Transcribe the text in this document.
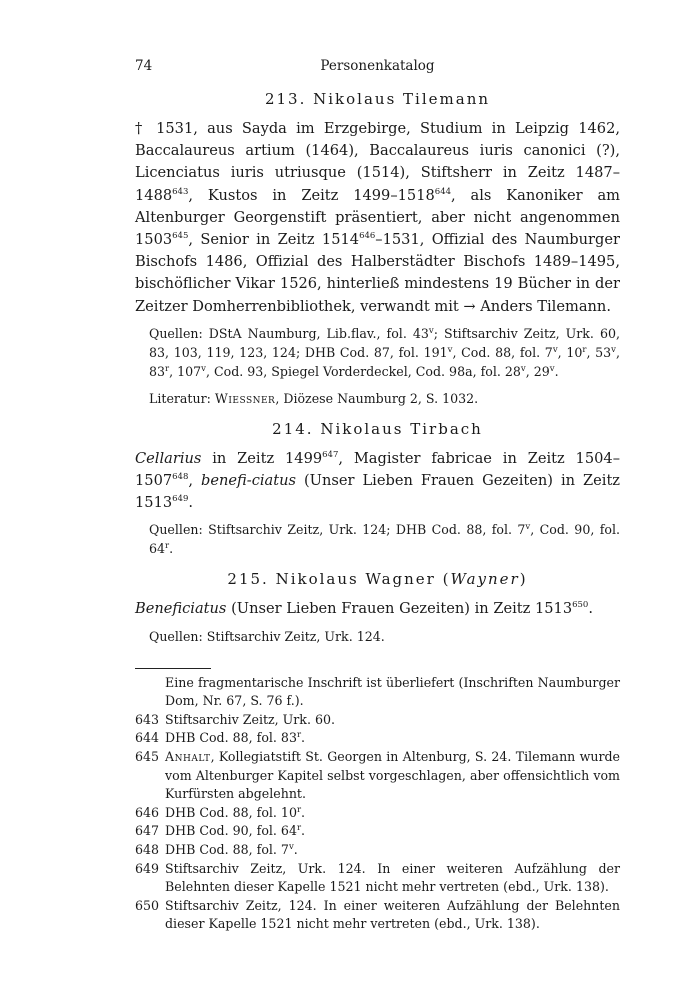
74	Personenkatalog
213. Nikolaus Tilemann

† 1531, aus Sayda im Erzgebirge, Studium in Leipzig 1462, Baccalaureus artium (1464), Baccalaureus iuris canonici (?), Licenciatus iuris utriusque (1514), Stiftsherr in Zeitz 1487–1488$^{643}$, Kustos in Zeitz 1499–1518$^{644}$, als Kanoniker am Altenburger Georgenstift präsentiert, aber nicht angenommen 1503$^{645}$, Senior in Zeitz 1514$^{646}$–1531, Offizial des Naumburger Bischofs 1486, Offizial des Halberstädter Bischofs 1489–1495, bischöflicher Vikar 1526, hinterließ mindestens 19 Bücher in der Zeitzer Domherrenbibliothek, verwandt mit → Anders Tilemann.

Quellen: DStA Naumburg, Lib.flav., fol. 43$^v$; Stiftsarchiv Zeitz, Urk. 60, 83, 103, 119, 123, 124; DHB Cod. 87, fol. 191$^v$, Cod. 88, fol. 7$^v$, 10$^r$, 53$^v$, 83$^r$, 107$^v$, Cod. 93, Spiegel Vorderdeckel, Cod. 98a, fol. 28$^v$, 29$^v$.
Literatur: Wiessner, Diözese Naumburg 2, S. 1032.
214. Nikolaus Tirbach

Cellarius in Zeitz 1499$^{647}$, Magister fabricae in Zeitz 1504–1507$^{648}$, benefi-ciatus (Unser Lieben Frauen Gezeiten) in Zeitz 1513$^{649}$.

Quellen: Stiftsarchiv Zeitz, Urk. 124; DHB Cod. 88, fol. 7$^v$, Cod. 90, fol. 64$^r$.
215. Nikolaus Wagner (Wayner)

Beneficiatus (Unser Lieben Frauen Gezeiten) in Zeitz 1513$^{650}$.

Quellen: Stiftsarchiv Zeitz, Urk. 124.
Eine fragmentarische Inschrift ist überliefert (Inschriften Naumburger Dom, Nr. 67, S. 76 f.).
643 Stiftsarchiv Zeitz, Urk. 60.
644 DHB Cod. 88, fol. 83$^r$.
645 Anhalt, Kollegiatstift St. Georgen in Altenburg, S. 24. Tilemann wurde vom Altenburger Kapitel selbst vorgeschlagen, aber offensichtlich vom Kurfürsten abgelehnt.
646 DHB Cod. 88, fol. 10$^r$.
647 DHB Cod. 90, fol. 64$^r$.
648 DHB Cod. 88, fol. 7$^v$.
649 Stiftsarchiv Zeitz, Urk. 124. In einer weiteren Aufzählung der Belehnten dieser Kapelle 1521 nicht mehr vertreten (ebd., Urk. 138).
650 Stiftsarchiv Zeitz, 124. In einer weiteren Aufzählung der Belehnten dieser Kapelle 1521 nicht mehr vertreten (ebd., Urk. 138).
